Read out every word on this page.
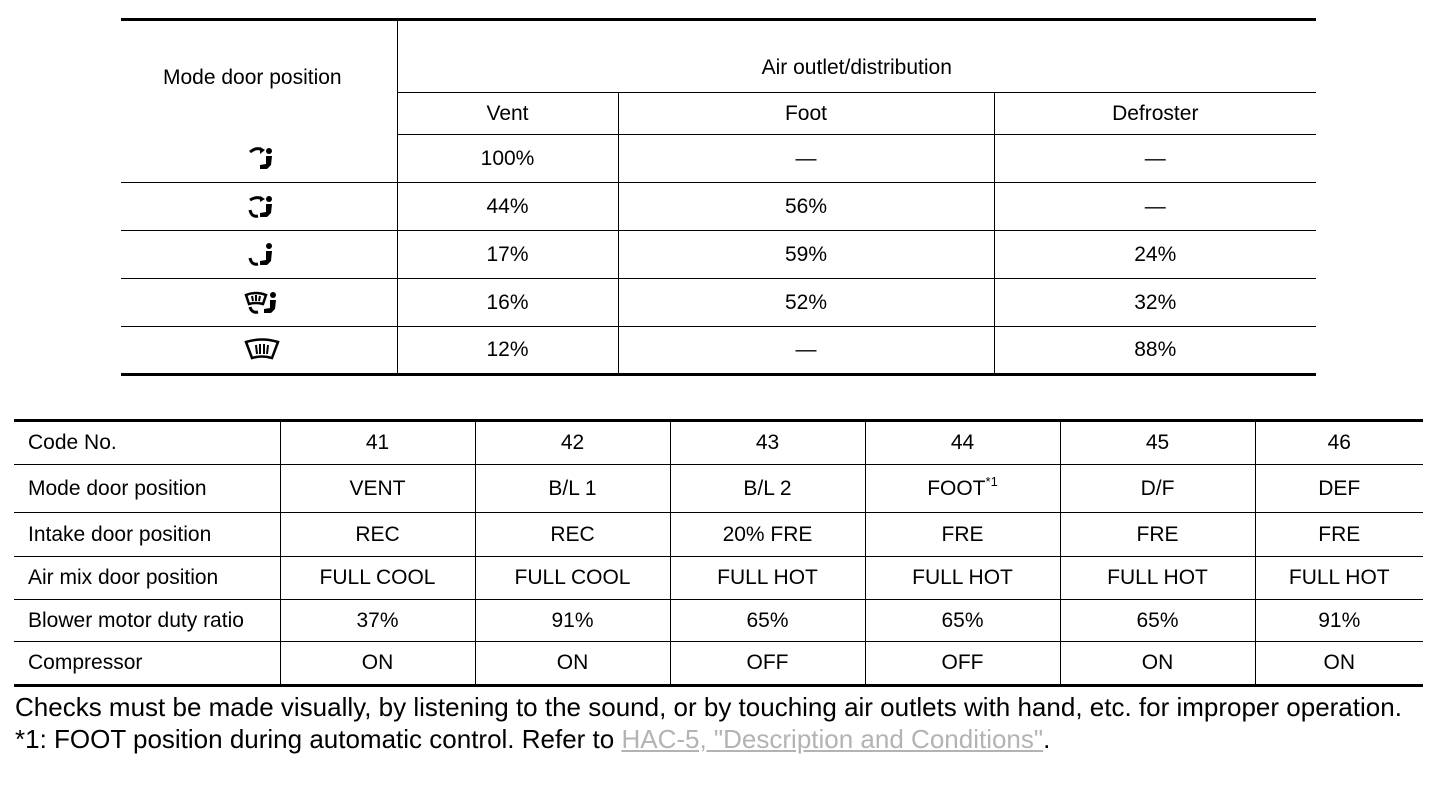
Mode door position	Air outlet/distribution		
	Vent	Foot	Defroster
	100%	—	—
	44%	56%	—
	17%	59%	24%
	16%	52%	32%
	12%	—	88%
Code No.	41	42	43	44	45	46
Mode door position	VENT	B/L 1	B/L 2	FOOT$^{*1}$	D/F	DEF
Intake door position	REC	REC	20% FRE	FRE	FRE	FRE
Air mix door position	FULL COOL	FULL COOL	FULL HOT	FULL HOT	FULL HOT	FULL HOT
Blower motor duty ratio	37%	91%	65%	65%	65%	91%
Compressor	ON	ON	OFF	OFF	ON	ON

Checks must be made visually, by listening to the sound, or by touching air outlets with hand, etc. for improper operation.

*1: FOOT position during automatic control. Refer to HAC-5, "Description and Conditions".
